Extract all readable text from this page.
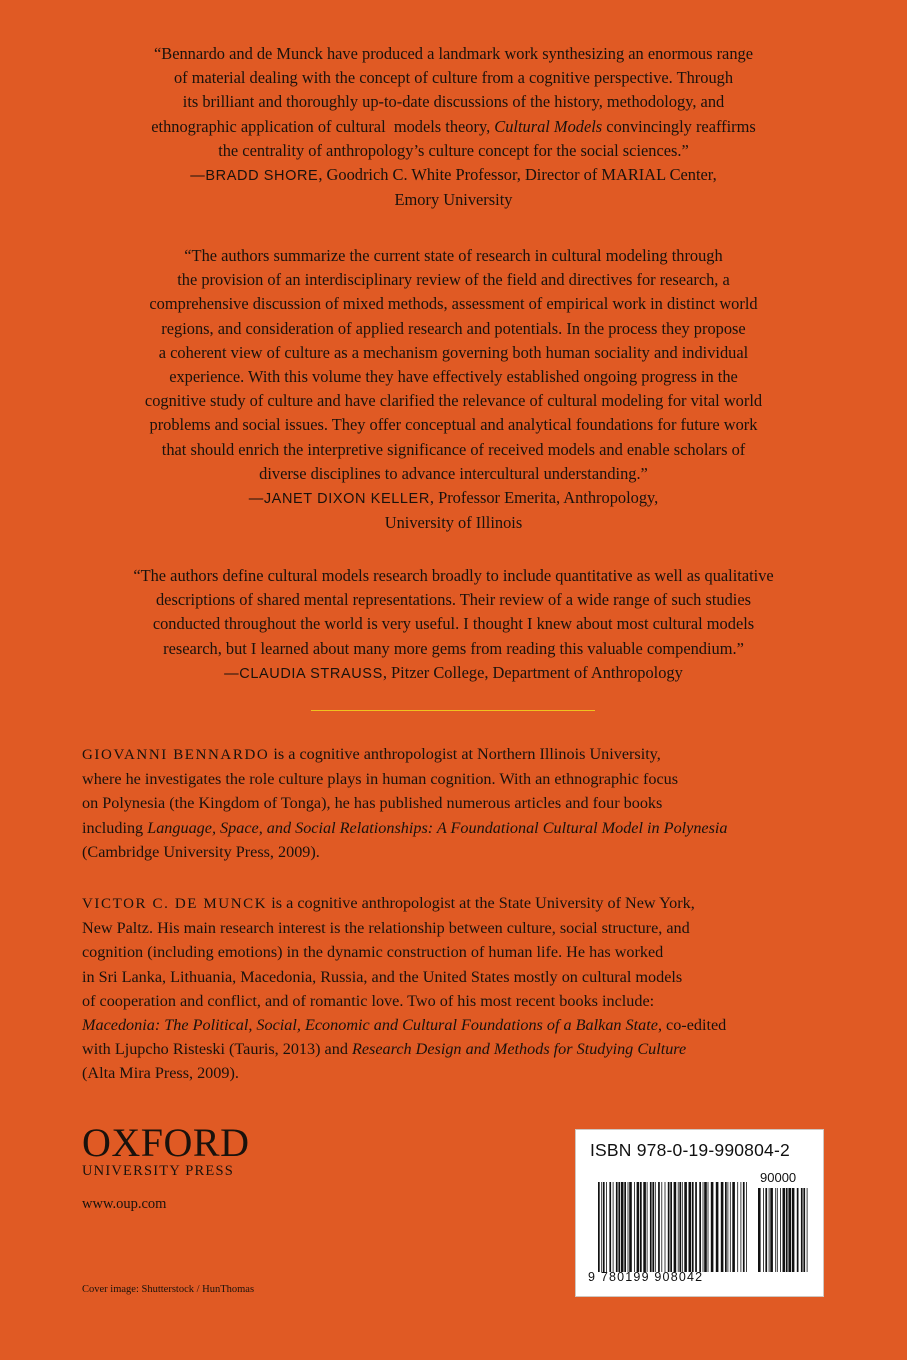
“Bennardo and de Munck have produced a landmark work synthesizing an enormous range
of material dealing with the concept of culture from a cognitive perspective. Through
its brilliant and thoroughly up-to-date discussions of the history, methodology, and
ethnographic application of cultural  models theory, Cultural Models convincingly reaffirms
the centrality of anthropology’s culture concept for the social sciences.”

—BRADD SHORE, Goodrich C. White Professor, Director of MARIAL Center,
Emory University

“The authors summarize the current state of research in cultural modeling through
the provision of an interdisciplinary review of the field and directives for research, a
comprehensive discussion of mixed methods, assessment of empirical work in distinct world
regions, and consideration of applied research and potentials. In the process they propose
a coherent view of culture as a mechanism governing both human sociality and individual
experience. With this volume they have effectively established ongoing progress in the
cognitive study of culture and have clarified the relevance of cultural modeling for vital world
problems and social issues. They offer conceptual and analytical foundations for future work
that should enrich the interpretive significance of received models and enable scholars of
diverse disciplines to advance intercultural understanding.”

—JANET DIXON KELLER, Professor Emerita, Anthropology,
University of Illinois

“The authors define cultural models research broadly to include quantitative as well as qualitative
descriptions of shared mental representations. Their review of a wide range of such studies
conducted throughout the world is very useful. I thought I knew about most cultural models
research, but I learned about many more gems from reading this valuable compendium.”

—CLAUDIA STRAUSS, Pitzer College, Department of Anthropology

GIOVANNI BENNARDO is a cognitive anthropologist at Northern Illinois University,
where he investigates the role culture plays in human cognition. With an ethnographic focus
on Polynesia (the Kingdom of Tonga), he has published numerous articles and four books
including Language, Space, and Social Relationships: A Foundational Cultural Model in Polynesia
(Cambridge University Press, 2009).

VICTOR C. DE MUNCK is a cognitive anthropologist at the State University of New York,
New Paltz. His main research interest is the relationship between culture, social structure, and
cognition (including emotions) in the dynamic construction of human life. He has worked
in Sri Lanka, Lithuania, Macedonia, Russia, and the United States mostly on cultural models
of cooperation and conflict, and of romantic love. Two of his most recent books include:
Macedonia: The Political, Social, Economic and Cultural Foundations of a Balkan State, co-edited
with Ljupcho Risteski (Tauris, 2013) and Research Design and Methods for Studying Culture
(Alta Mira Press, 2009).

OXFORD
UNIVERSITY PRESS
www.oup.com
Cover image: Shutterstock / HunThomas
ISBN 978-0-19-990804-2
90000
9 780199 908042
